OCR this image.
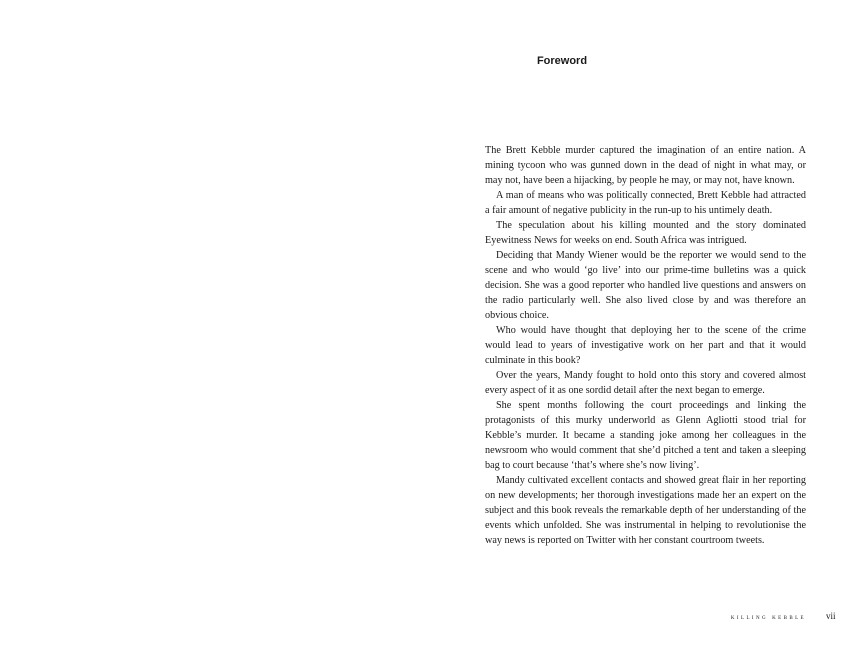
Foreword

The Brett Kebble murder captured the imagination of an entire nation. A mining tycoon who was gunned down in the dead of night in what may, or may not, have been a hijacking, by people he may, or may not, have known.

A man of means who was politically connected, Brett Kebble had attracted a fair amount of negative publicity in the run-up to his untimely death.

The speculation about his killing mounted and the story dominated Eyewitness News for weeks on end. South Africa was intrigued.

Deciding that Mandy Wiener would be the reporter we would send to the scene and who would ‘go live’ into our prime-time bulletins was a quick decision. She was a good reporter who handled live questions and answers on the radio particularly well. She also lived close by and was therefore an obvious choice.

Who would have thought that deploying her to the scene of the crime would lead to years of investigative work on her part and that it would culminate in this book?

Over the years, Mandy fought to hold onto this story and covered almost every aspect of it as one sordid detail after the next began to emerge.

She spent months following the court proceedings and linking the protagonists of this murky underworld as Glenn Agliotti stood trial for Kebble’s murder. It became a standing joke among her colleagues in the newsroom who would comment that she’d pitched a tent and taken a sleeping bag to court because ‘that’s where she’s now living’.

Mandy cultivated excellent contacts and showed great flair in her reporting on new developments; her thorough investigations made her an expert on the subject and this book reveals the remarkable depth of her understanding of the events which unfolded. She was instrumental in helping to revolutionise the way news is reported on Twitter with her constant courtroom tweets.

killing kebble vii
